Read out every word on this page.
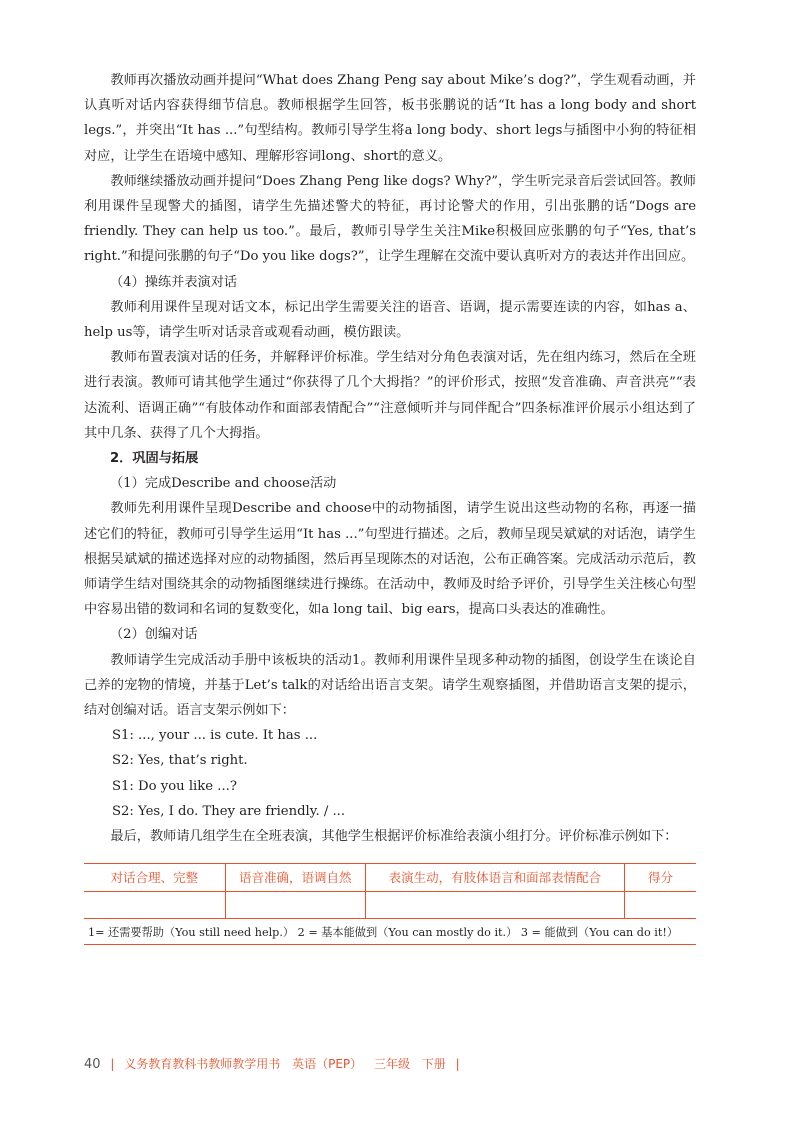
教师再次播放动画并提问“What does Zhang Peng say about Mike’s dog?”，学生观看动画，并认真听对话内容获得细节信息。教师根据学生回答，板书张鹏说的话“It has a long body and short legs.”，并突出“It has ...”句型结构。教师引导学生将a long body、short legs与插图中小狗的特征相对应，让学生在语境中感知、理解形容词long、short的意义。

教师继续播放动画并提问“Does Zhang Peng like dogs? Why?”，学生听完录音后尝试回答。教师利用课件呈现警犬的插图，请学生先描述警犬的特征，再讨论警犬的作用，引出张鹏的话“Dogs are friendly. They can help us too.”。最后，教师引导学生关注Mike积极回应张鹏的句子“Yes, that’s right.”和提问张鹏的句子“Do you like dogs?”，让学生理解在交流中要认真听对方的表达并作出回应。

（4）操练并表演对话

教师利用课件呈现对话文本，标记出学生需要关注的语音、语调，提示需要连读的内容，如has a、help us等，请学生听对话录音或观看动画，模仿跟读。

教师布置表演对话的任务，并解释评价标准。学生结对分角色表演对话，先在组内练习，然后在全班进行表演。教师可请其他学生通过“你获得了几个大拇指？”的评价形式，按照“发音准确、声音洪亮”“表达流利、语调正确”“有肢体动作和面部表情配合”“注意倾听并与同伴配合”四条标准评价展示小组达到了其中几条、获得了几个大拇指。

2．巩固与拓展

（1）完成Describe and choose活动

教师先利用课件呈现Describe and choose中的动物插图，请学生说出这些动物的名称，再逐一描述它们的特征，教师可引导学生运用“It has ...”句型进行描述。之后，教师呈现吴斌斌的对话泡，请学生根据吴斌斌的描述选择对应的动物插图，然后再呈现陈杰的对话泡，公布正确答案。完成活动示范后，教师请学生结对围绕其余的动物插图继续进行操练。在活动中，教师及时给予评价，引导学生关注核心句型中容易出错的数词和名词的复数变化，如a long tail、big ears，提高口头表达的准确性。

（2）创编对话

教师请学生完成活动手册中该板块的活动1。教师利用课件呈现多种动物的插图，创设学生在谈论自己养的宠物的情境，并基于Let’s talk的对话给出语言支架。请学生观察插图，并借助语言支架的提示，结对创编对话。语言支架示例如下：

S1: ..., your ... is cute. It has ...

S2: Yes, that’s right.

S1: Do you like ...?

S2: Yes, I do. They are friendly. / ...

最后，教师请几组学生在全班表演，其他学生根据评价标准给表演小组打分。评价标准示例如下：

对话合理、完整	语音准确，语调自然	表演生动，有肢体语言和面部表情配合	得分

1= 还需要帮助（You still need help.） 2 = 基本能做到（You can mostly do it.） 3 = 能做到（You can do it!）
40 | 义务教育教科书教师教学用书 英语（PEP） 三年级 下册 |
